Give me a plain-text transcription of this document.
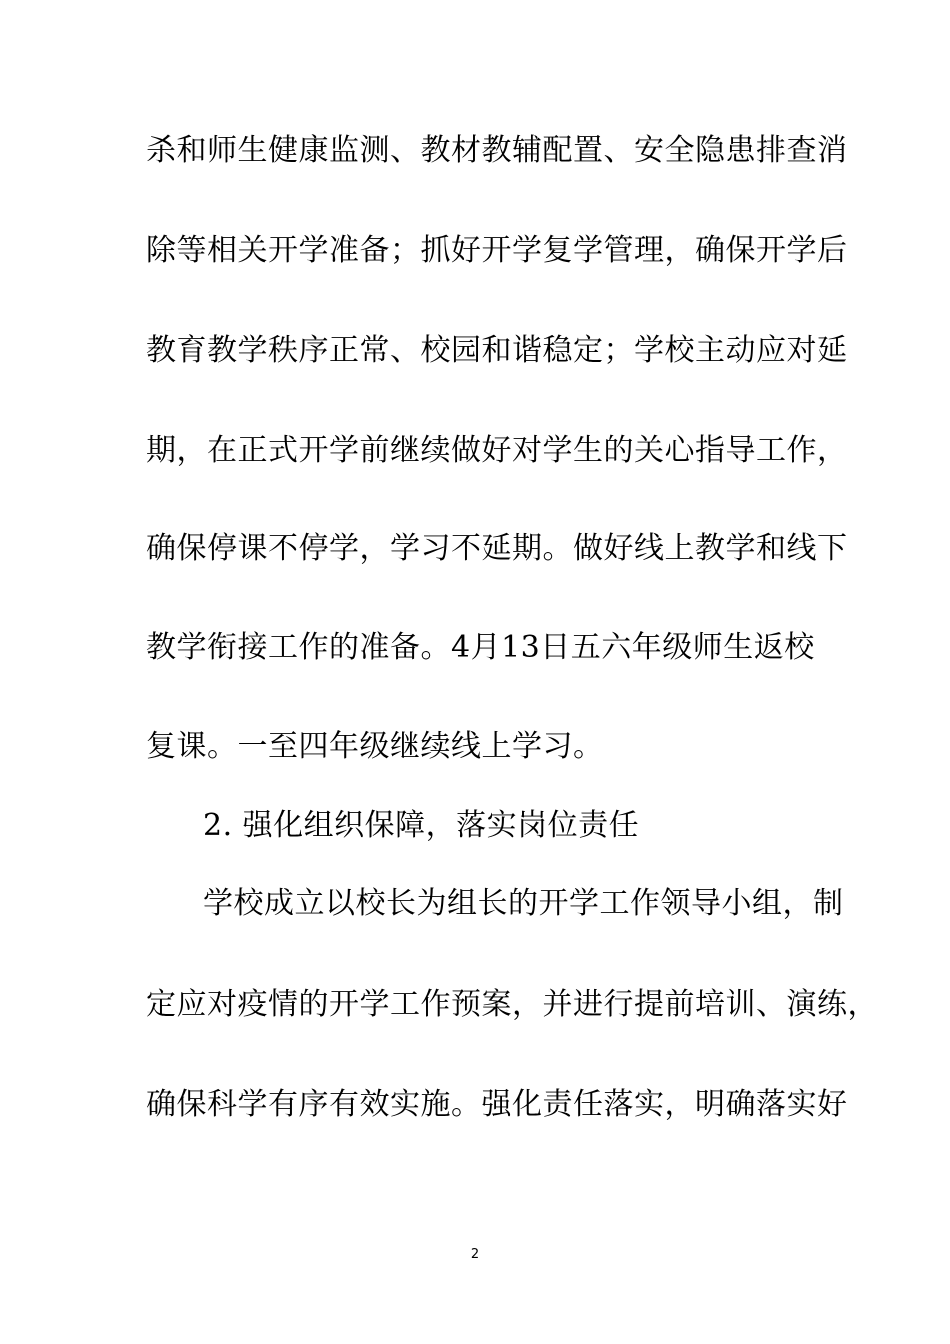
杀和师生健康监测、教材教辅配置、安全隐患排查消
除等相关开学准备；抓好开学复学管理，确保开学后
教育教学秩序正常、校园和谐稳定；学校主动应对延
期，在正式开学前继续做好对学生的关心指导工作，
确保停课不停学，学习不延期。做好线上教学和线下
教学衔接工作的准备。4月13日五六年级师生返校
复课。一至四年级继续线上学习。
2. 强化组织保障，落实岗位责任
学校成立以校长为组长的开学工作领导小组，制
定应对疫情的开学工作预案，并进行提前培训、演练，
确保科学有序有效实施。强化责任落实，明确落实好
2
